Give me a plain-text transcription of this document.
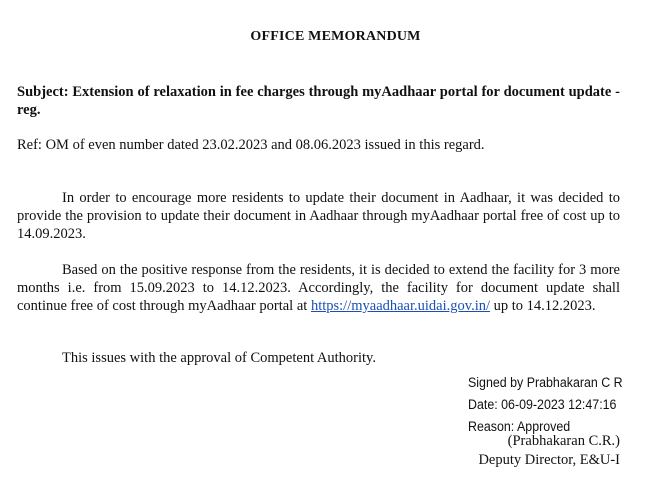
OFFICE MEMORANDUM
Subject: Extension of relaxation in fee charges through myAadhaar portal for document update - reg.
Ref: OM of even number dated 23.02.2023 and 08.06.2023 issued in this regard.
In order to encourage more residents to update their document in Aadhaar, it was decided to provide the provision to update their document in Aadhaar through myAadhaar portal free of cost up to 14.09.2023.
Based on the positive response from the residents, it is decided to extend the facility for 3 more months i.e. from 15.09.2023 to 14.12.2023. Accordingly, the facility for document update shall continue free of cost through myAadhaar portal at https://myaadhaar.uidai.gov.in/ up to 14.12.2023.
This issues with the approval of Competent Authority.
Signed by Prabhakaran C R
Date: 06-09-2023 12:47:16
Reason: Approved
(Prabhakaran C.R.)
Deputy Director, E&U-I
